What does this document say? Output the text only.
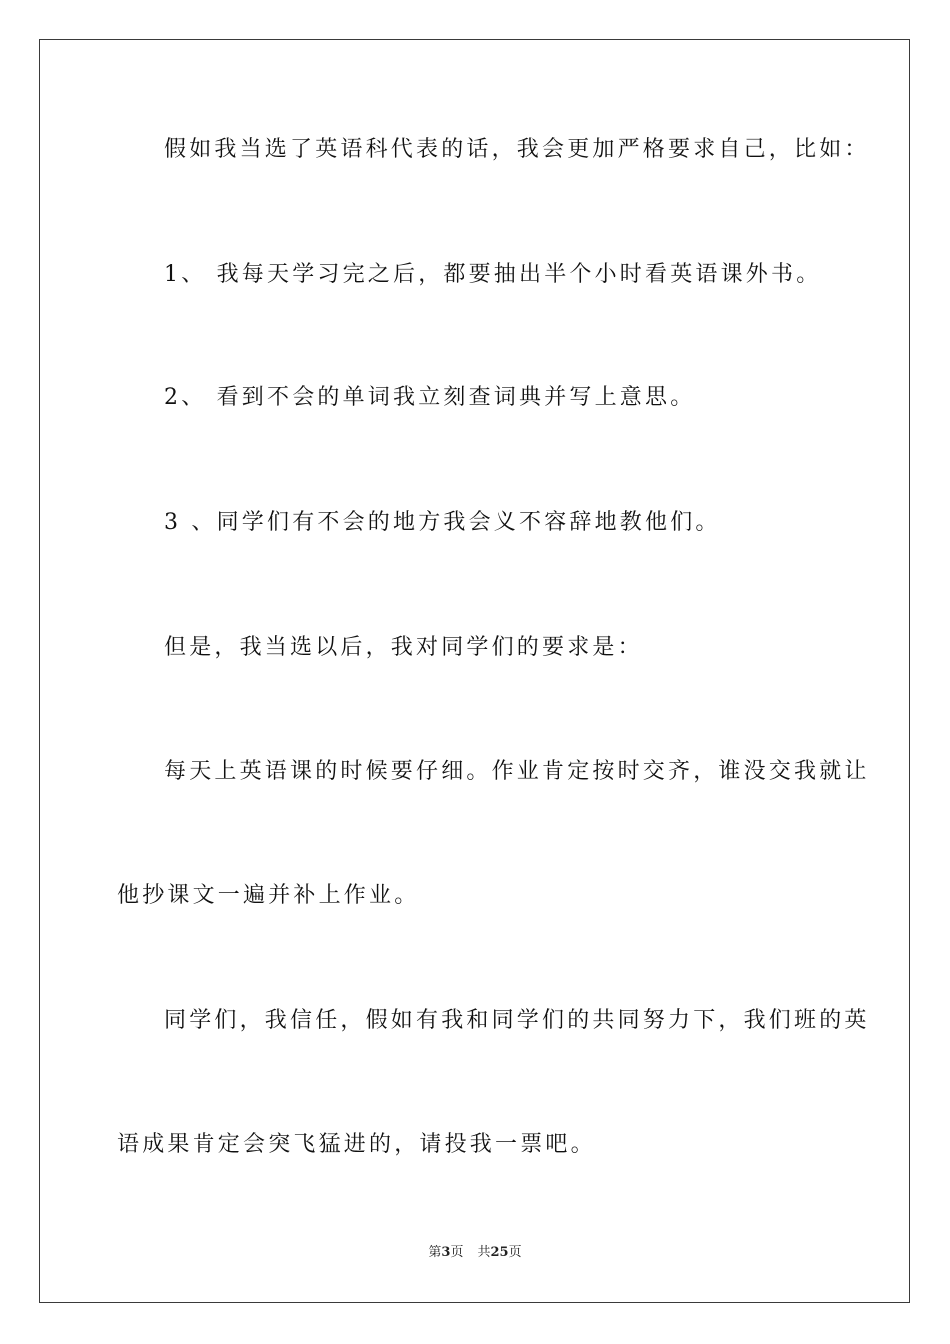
假如我当选了英语科代表的话，我会更加严格要求自己，比如：
1、 我每天学习完之后，都要抽出半个小时看英语课外书。
2、 看到不会的单词我立刻查词典并写上意思。
3 、同学们有不会的地方我会义不容辞地教他们。
但是，我当选以后，我对同学们的要求是：
每天上英语课的时候要仔细。作业肯定按时交齐，谁没交我就让
他抄课文一遍并补上作业。
同学们，我信任，假如有我和同学们的共同努力下，我们班的英
语成果肯定会突飞猛进的，请投我一票吧。
第3页 共25页
